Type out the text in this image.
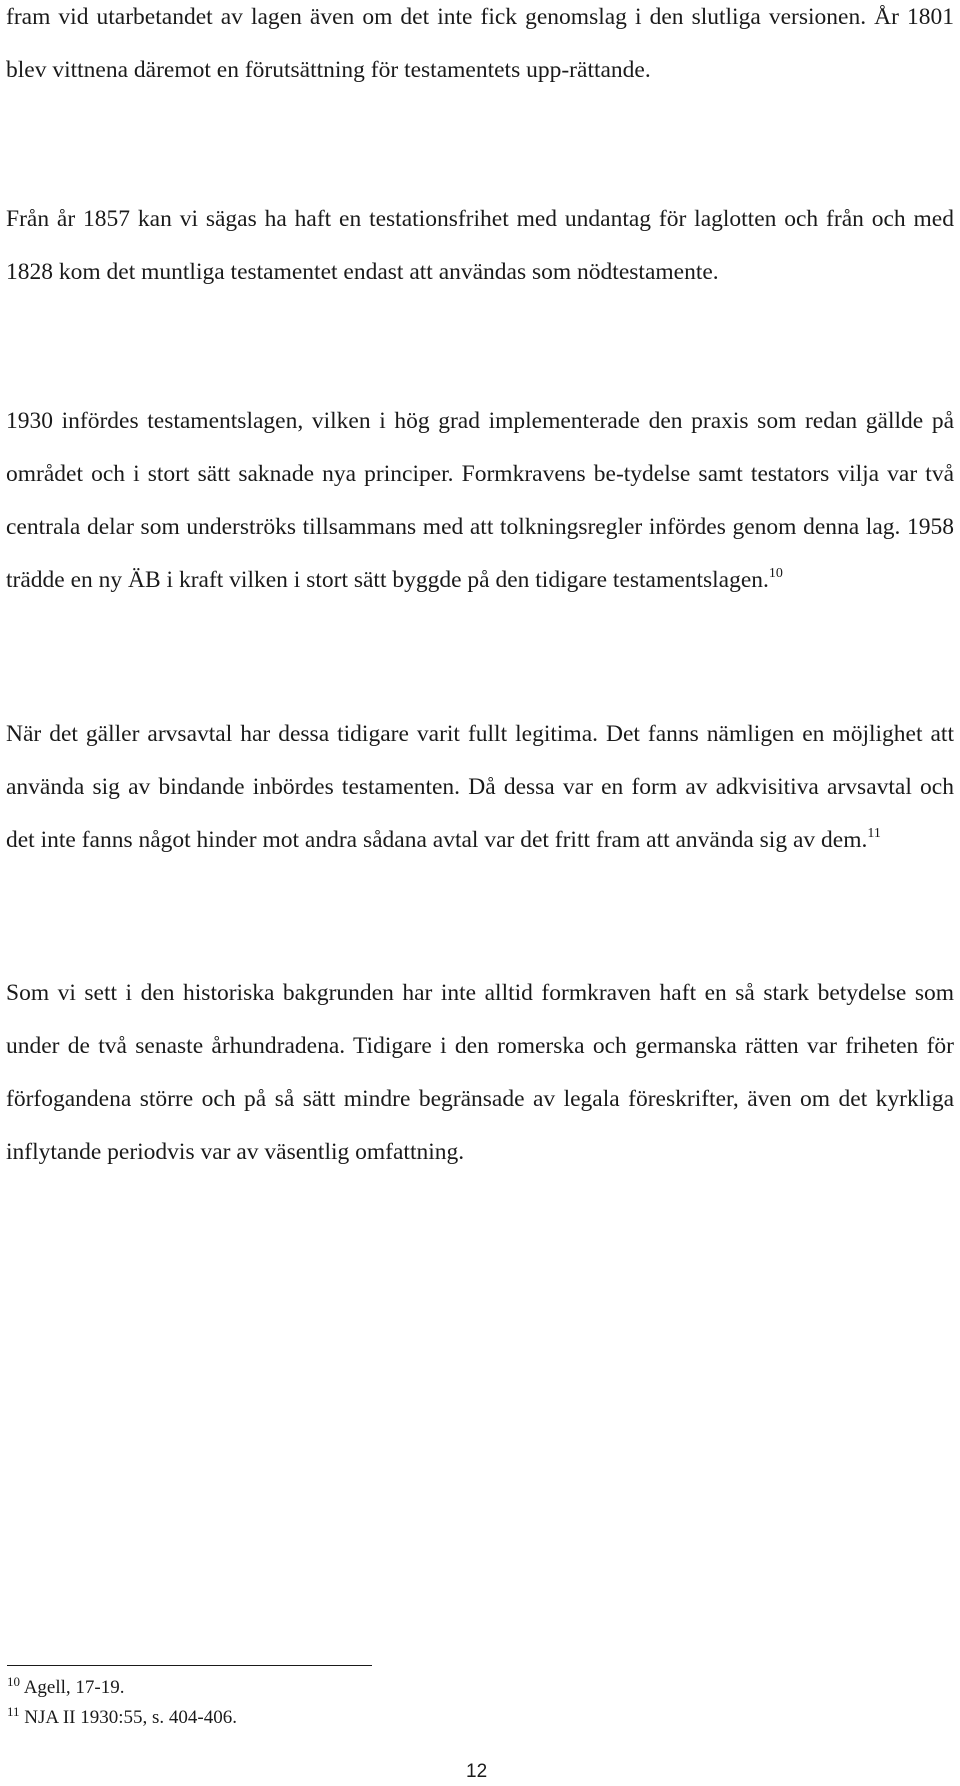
fram vid utarbetandet av lagen även om det inte fick genomslag i den slutliga versionen. År 1801 blev vittnena däremot en förutsättning för testamentets upp-rättande.

Från år 1857 kan vi sägas ha haft en testationsfrihet med undantag för laglotten och från och med 1828 kom det muntliga testamentet endast att användas som nödtestamente.

1930 infördes testamentslagen, vilken i hög grad implementerade den praxis som redan gällde på området och i stort sätt saknade nya principer. Formkravens be-tydelse samt testators vilja var två centrala delar som underströks tillsammans med att tolkningsregler infördes genom denna lag. 1958 trädde en ny ÄB i kraft vilken i stort sätt byggde på den tidigare testamentslagen.$^{10}$

När det gäller arvsavtal har dessa tidigare varit fullt legitima. Det fanns nämligen en möjlighet att använda sig av bindande inbördes testamenten. Då dessa var en form av adkvisitiva arvsavtal och det inte fanns något hinder mot andra sådana avtal var det fritt fram att använda sig av dem.$^{11}$

Som vi sett i den historiska bakgrunden har inte alltid formkraven haft en så stark betydelse som under de två senaste århundradena. Tidigare i den romerska och germanska rätten var friheten för förfogandena större och på så sätt mindre begränsade av legala föreskrifter, även om det kyrkliga inflytande periodvis var av väsentlig omfattning.

$^{10}$ Agell, 17-19.

$^{11}$ NJA II 1930:55, s. 404-406.

12
